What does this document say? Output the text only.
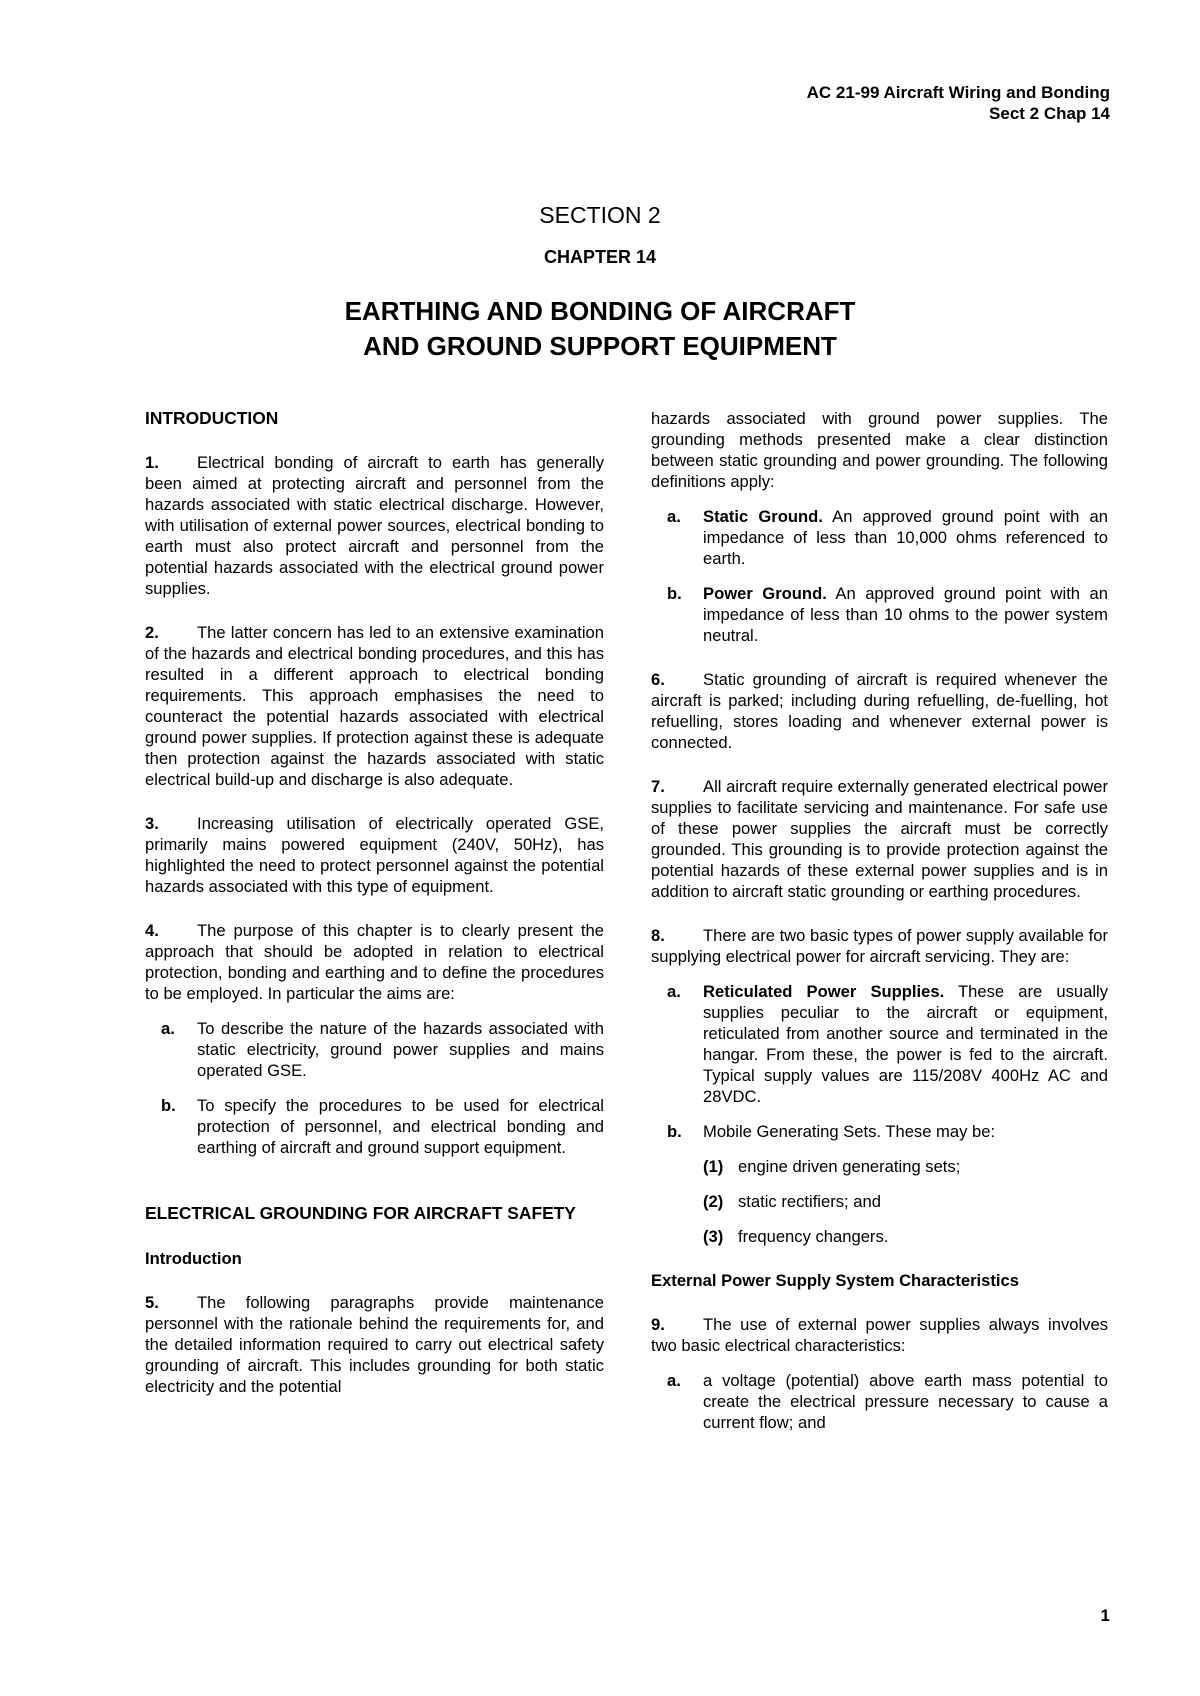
AC 21-99 Aircraft Wiring and Bonding
Sect 2 Chap 14
SECTION 2
CHAPTER 14
EARTHING AND BONDING OF AIRCRAFT
AND GROUND SUPPORT EQUIPMENT
INTRODUCTION

1. Electrical bonding of aircraft to earth has generally been aimed at protecting aircraft and personnel from the hazards associated with static electrical discharge. However, with utilisation of external power sources, electrical bonding to earth must also protect aircraft and personnel from the potential hazards associated with the electrical ground power supplies.

2. The latter concern has led to an extensive examination of the hazards and electrical bonding procedures, and this has resulted in a different approach to electrical bonding requirements. This approach emphasises the need to counteract the potential hazards associated with electrical ground power supplies. If protection against these is adequate then protection against the hazards associated with static electrical build-up and discharge is also adequate.

3. Increasing utilisation of electrically operated GSE, primarily mains powered equipment (240V, 50Hz), has highlighted the need to protect personnel against the potential hazards associated with this type of equipment.

4. The purpose of this chapter is to clearly present the approach that should be adopted in relation to electrical protection, bonding and earthing and to define the procedures to be employed. In particular the aims are:

a. To describe the nature of the hazards associated with static electricity, ground power supplies and mains operated GSE.
b. To specify the procedures to be used for electrical protection of personnel, and electrical bonding and earthing of aircraft and ground support equipment.
ELECTRICAL GROUNDING FOR AIRCRAFT SAFETY
Introduction

5. The following paragraphs provide maintenance personnel with the rationale behind the requirements for, and the detailed information required to carry out electrical safety grounding of aircraft. This includes grounding for both static electricity and the potential

hazards associated with ground power supplies. The grounding methods presented make a clear distinction between static grounding and power grounding. The following definitions apply:

a. Static Ground. An approved ground point with an impedance of less than 10,000 ohms referenced to earth.
b. Power Ground. An approved ground point with an impedance of less than 10 ohms to the power system neutral.

6. Static grounding of aircraft is required whenever the aircraft is parked; including during refuelling, de-fuelling, hot refuelling, stores loading and whenever external power is connected.

7. All aircraft require externally generated electrical power supplies to facilitate servicing and maintenance. For safe use of these power supplies the aircraft must be correctly grounded. This grounding is to provide protection against the potential hazards of these external power supplies and is in addition to aircraft static grounding or earthing procedures.

8. There are two basic types of power supply available for supplying electrical power for aircraft servicing. They are:

a. Reticulated Power Supplies. These are usually supplies peculiar to the aircraft or equipment, reticulated from another source and terminated in the hangar. From these, the power is fed to the aircraft. Typical supply values are 115/208V 400Hz AC and 28VDC.
b. Mobile Generating Sets. These may be:
(1) engine driven generating sets;
(2) static rectifiers; and
(3) frequency changers.
External Power Supply System Characteristics

9. The use of external power supplies always involves two basic electrical characteristics:

a. a voltage (potential) above earth mass potential to create the electrical pressure necessary to cause a current flow; and
1
